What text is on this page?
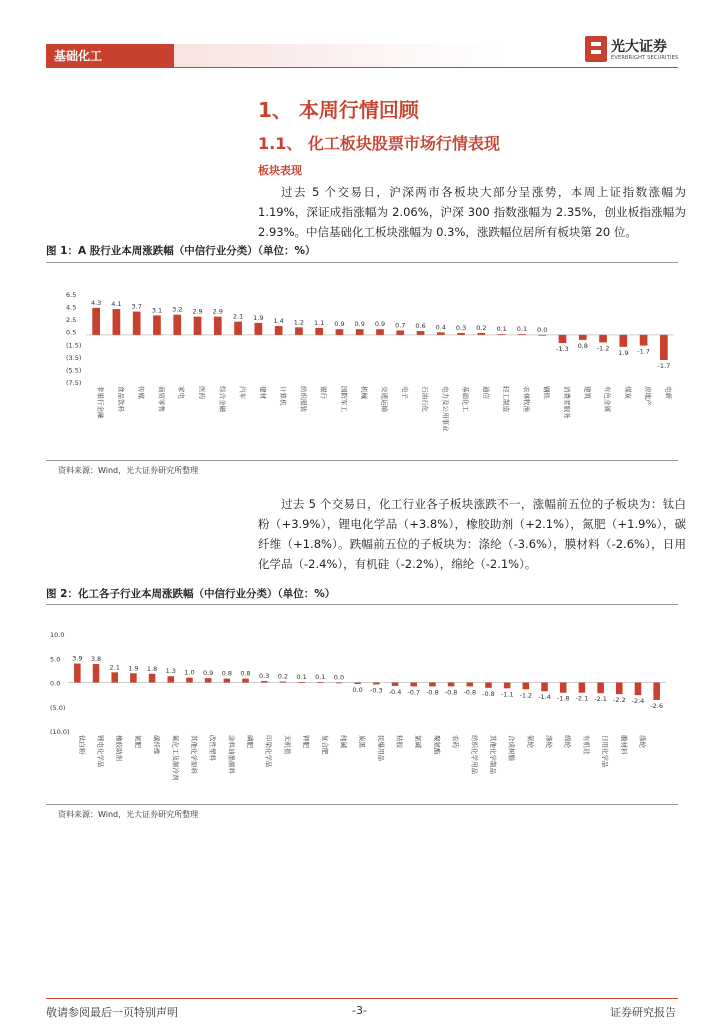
基础化工
光大证券
EVERBRIGHT SECURITIES
1、 本周行情回顾
1.1、 化工板块股票市场行情表现
板块表现
过去 5 个交易日，沪深两市各板块大部分呈涨势，本周上证指数涨幅为 1.19%，深证成指涨幅为 2.06%，沪深 300 指数涨幅为 2.35%，创业板指涨幅为 2.93%。中信基础化工板块涨幅为 0.3%，涨跌幅位居所有板块第 20 位。
图 1：A 股行业本周涨跌幅（中信行业分类）（单位：%）
6.5
4.5
2.5
0.5
(1.5)
(3.5)
(5.5)
(7.5)
4.3
非银行金融
4.1
食品饮料
3.7
传媒
3.1
商贸零售
3.2
家电
2.9
医药
2.9
综合金融
2.1
汽车
1.9
建材
1.4
计算机
1.2
纺织服装
1.1
银行
0.9
国防军工
0.9
机械
0.9
交通运输
0.7
电子
0.6
石油石化
0.4
电力及公用事业
0.3
基础化工
0.2
通信
0.1
轻工制造
0.1
农林牧渔
0.0
钢铁
-1.3
消费者服务
0.8
建筑
-1.2
有色金属
1.9
煤炭
-1.7
房地产
-1.7
电新
资料来源：Wind，光大证券研究所整理
过去 5 个交易日，化工行业各子板块涨跌不一，涨幅前五位的子板块为：钛白粉（+3.9%），锂电化学品（+3.8%），橡胶助剂（+2.1%），氮肥（+1.9%），碳纤维（+1.8%）。跌幅前五位的子板块为：涤纶（-3.6%），膜材料（-2.6%），日用化学品（-2.4%），有机硅（-2.2%），绵纶（-2.1%）。
图 2：化工各子行业本周涨跌幅（中信行业分类）（单位：%）
10.0
5.0
0.0
(5.0)
(10.0)
3.9
钛白粉
3.8
锂电化学品
2.1
橡胶助剂
1.9
氮肥
1.8
碳纤维
1.3
氟化工及制冷剂
1.0
其他化学原料
0.9
改性塑料
0.8
涂料油墨颜料
0.8
磷肥
0.3
印染化学品
0.2
无机盐
0.1
钾肥
0.1
复合肥
0.0
纯碱
0.0
炭黑
-0.3
民爆用品
-0.4
粘胶
-0.7
氯碱
-0.8
聚氨酯
-0.8
农药
-0.8
纺织化学用品
-0.8
其他化学制品
-1.1
合成树脂
-1.2
氨纶
-1.4
涤纶
-1.8
绵纶
-2.1
有机硅
-2.1
日用化学品
-2.2
膜材料
-2.4
涤纶
-2.6
资料来源：Wind，光大证券研究所整理
敬请参阅最后一页特别声明	-3-	证券研究报告
